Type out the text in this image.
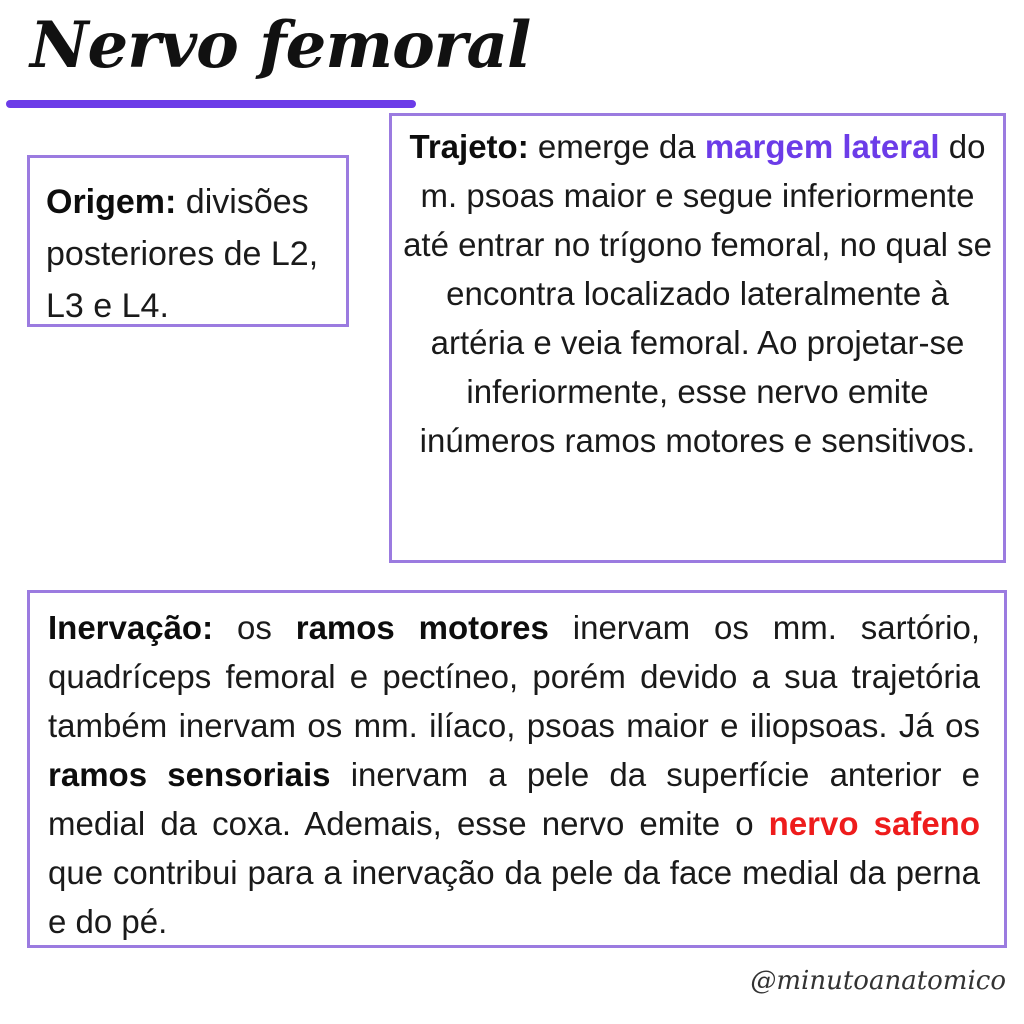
Nervo femoral
Origem: divisões posteriores de L2, L3 e L4.
Trajeto: emerge da margem lateral do m. psoas maior e segue inferiormente até entrar no trígono femoral, no qual se encontra localizado lateralmente à artéria e veia femoral. Ao projetar-se inferiormente, esse nervo emite inúmeros ramos motores e sensitivos.
Inervação: os ramos motores inervam os mm. sartório, quadríceps femoral e pectíneo, porém devido a sua trajetória também inervam os mm. ilíaco, psoas maior e iliopsoas. Já os ramos sensoriais inervam a pele da superfície anterior e medial da coxa. Ademais, esse nervo emite o nervo safeno que contribui para a inervação da pele da face medial da perna e do pé.
@minutoanatomico
